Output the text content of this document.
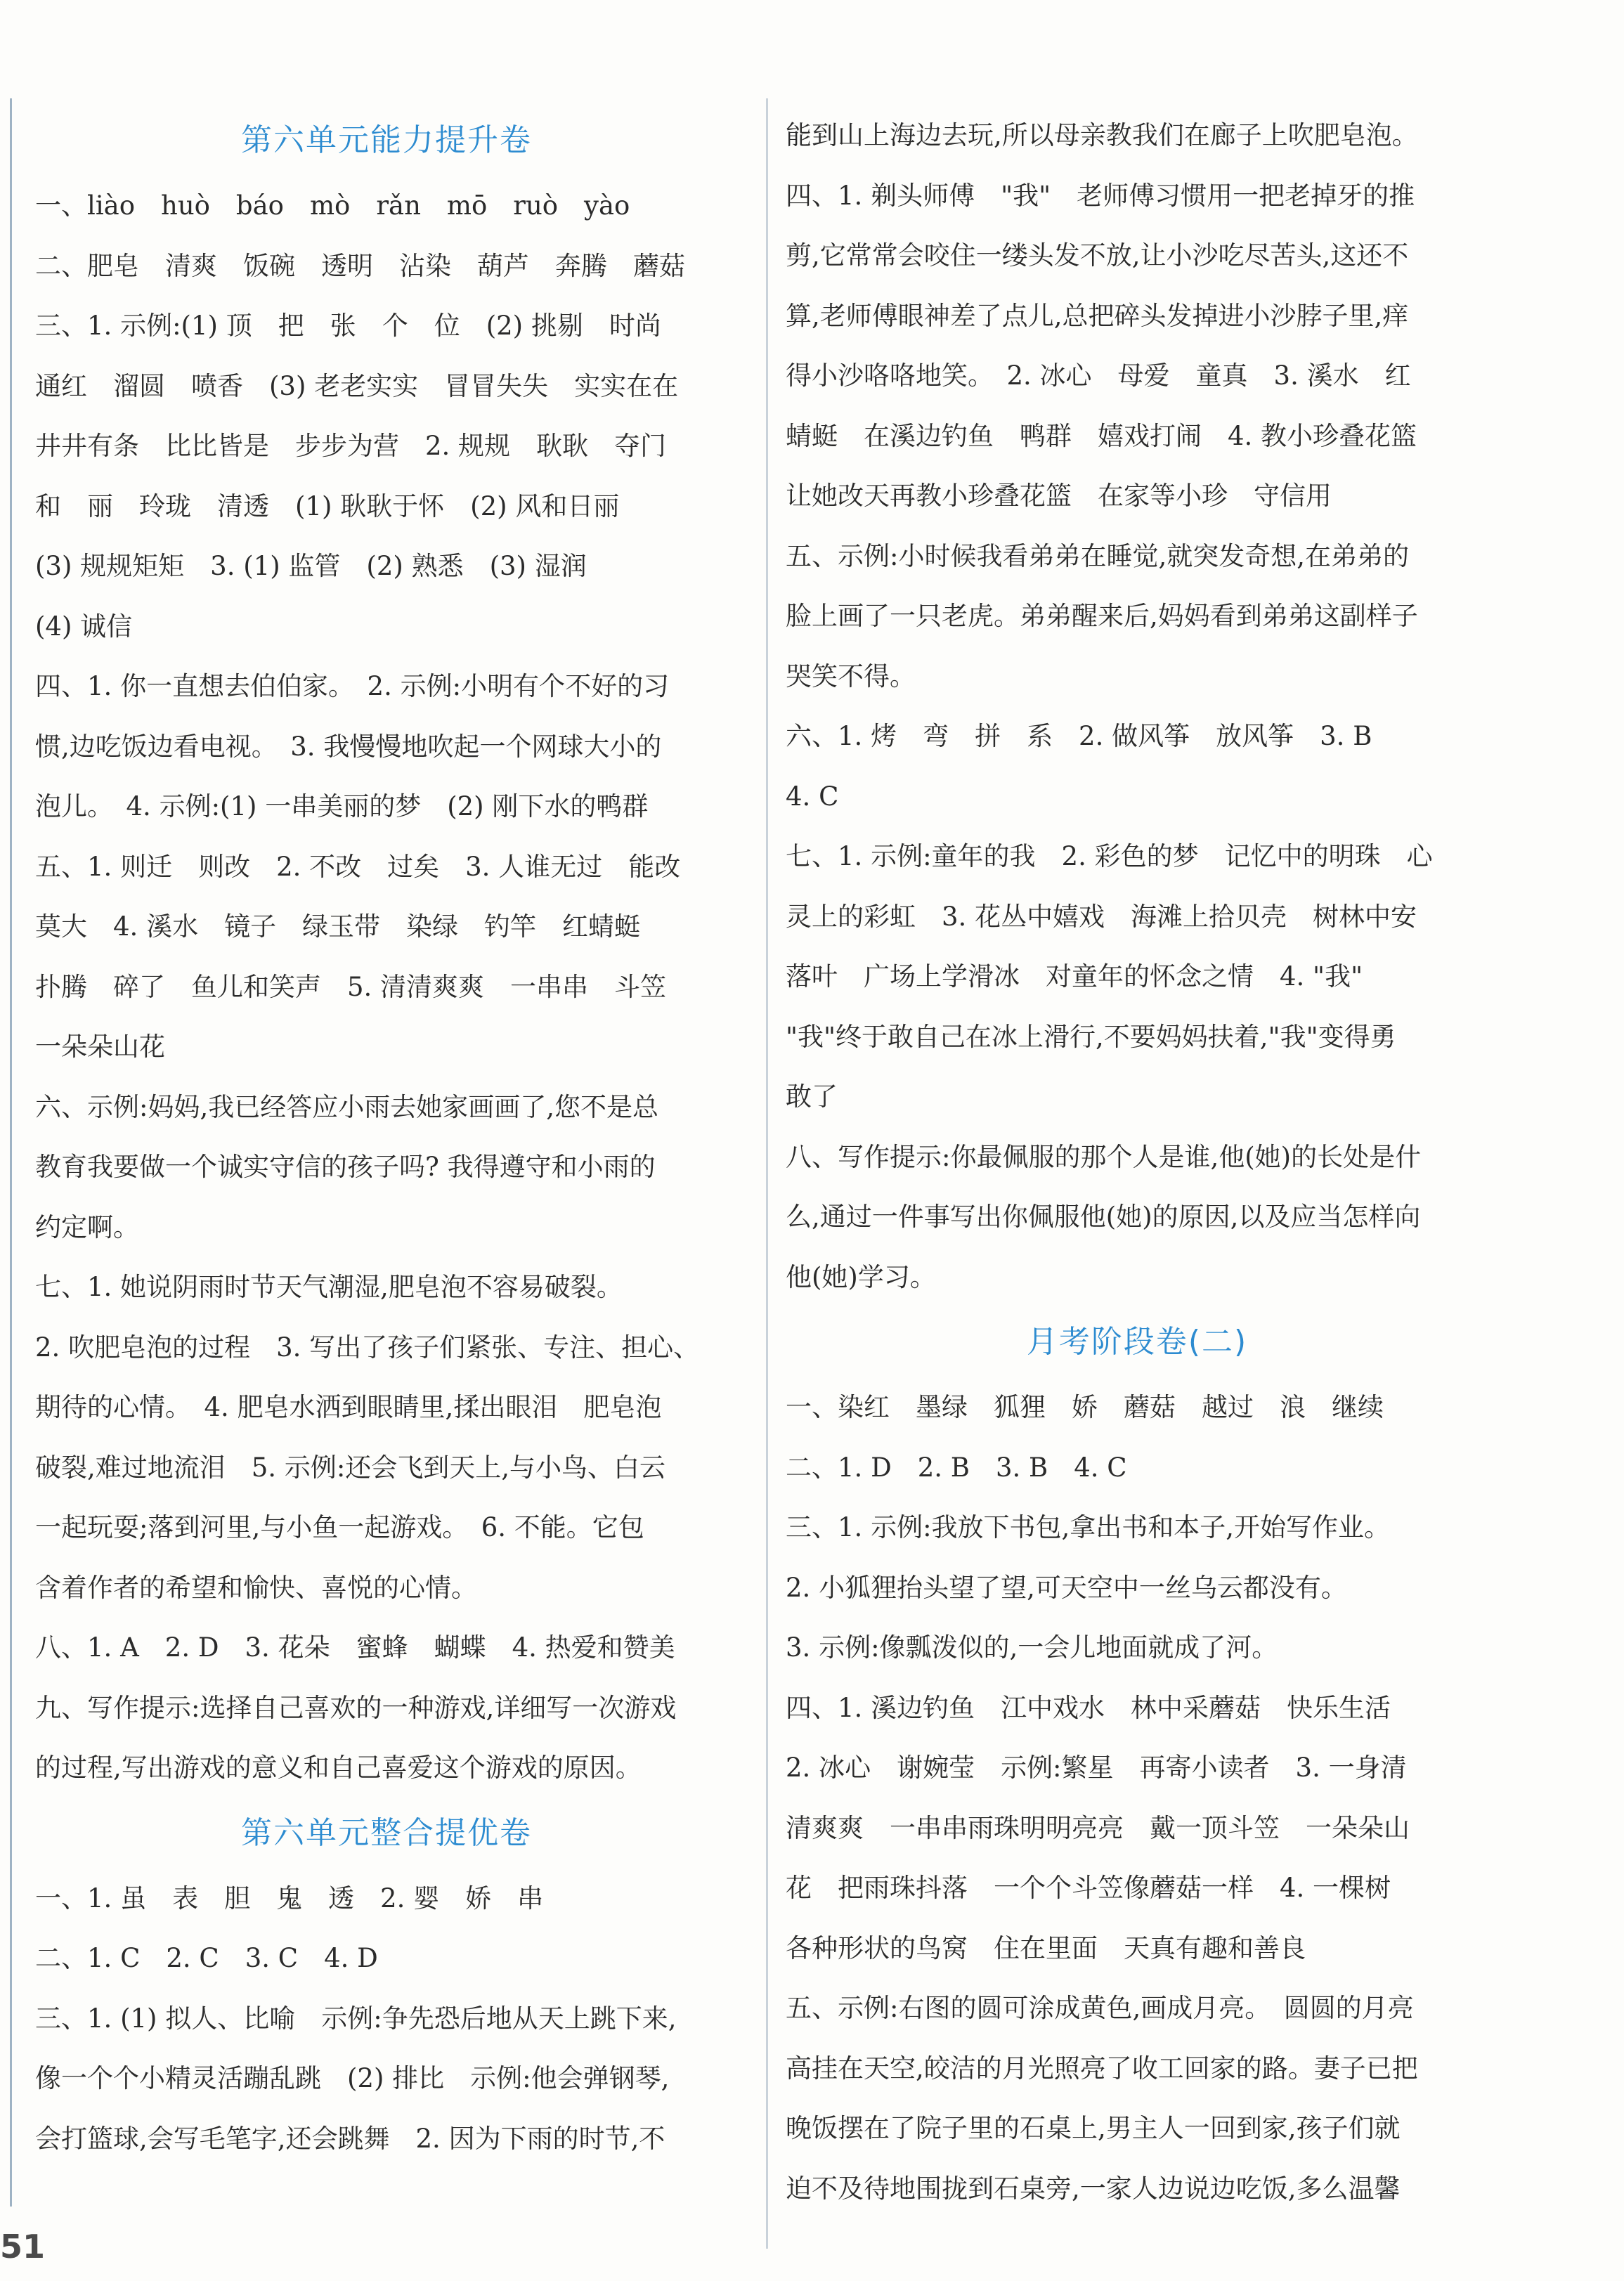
第六单元能力提升卷
一、liào　huò　báo　mò　rǎn　mō　ruò　yào
二、肥皂　清爽　饭碗　透明　沾染　葫芦　奔腾　蘑菇
三、1. 示例:(1) 顶　把　张　个　位　(2) 挑剔　时尚
通红　溜圆　喷香　(3) 老老实实　冒冒失失　实实在在
井井有条　比比皆是　步步为营　2. 规规　耿耿　夺门
和　丽　玲珑　清透　(1) 耿耿于怀　(2) 风和日丽
(3) 规规矩矩　3. (1) 监管　(2) 熟悉　(3) 湿润
(4) 诚信
四、1. 你一直想去伯伯家。　2. 示例:小明有个不好的习
惯,边吃饭边看电视。　3. 我慢慢地吹起一个网球大小的
泡儿。　4. 示例:(1) 一串美丽的梦　(2) 刚下水的鸭群
五、1. 则迁　则改　2. 不改　过矣　3. 人谁无过　能改
莫大　4. 溪水　镜子　绿玉带　染绿　钓竿　红蜻蜓
扑腾　碎了　鱼儿和笑声　5. 清清爽爽　一串串　斗笠
一朵朵山花
六、示例:妈妈,我已经答应小雨去她家画画了,您不是总
教育我要做一个诚实守信的孩子吗? 我得遵守和小雨的
约定啊。
七、1. 她说阴雨时节天气潮湿,肥皂泡不容易破裂。
2. 吹肥皂泡的过程　3. 写出了孩子们紧张、专注、担心、
期待的心情。　4. 肥皂水洒到眼睛里,揉出眼泪　肥皂泡
破裂,难过地流泪　5. 示例:还会飞到天上,与小鸟、白云
一起玩耍;落到河里,与小鱼一起游戏。　6. 不能。它包
含着作者的希望和愉快、喜悦的心情。
八、1. A　2. D　3. 花朵　蜜蜂　蝴蝶　4. 热爱和赞美
九、写作提示:选择自己喜欢的一种游戏,详细写一次游戏
的过程,写出游戏的意义和自己喜爱这个游戏的原因。
第六单元整合提优卷
一、1. 虽　表　胆　鬼　透　2. 婴　娇　串
二、1. C　2. C　3. C　4. D
三、1. (1) 拟人、比喻　示例:争先恐后地从天上跳下来,
像一个个小精灵活蹦乱跳　(2) 排比　示例:他会弹钢琴,
会打篮球,会写毛笔字,还会跳舞　2. 因为下雨的时节,不
能到山上海边去玩,所以母亲教我们在廊子上吹肥皂泡。
四、1. 剃头师傅　"我"　老师傅习惯用一把老掉牙的推
剪,它常常会咬住一缕头发不放,让小沙吃尽苦头,这还不
算,老师傅眼神差了点儿,总把碎头发掉进小沙脖子里,痒
得小沙咯咯地笑。　2. 冰心　母爱　童真　3. 溪水　红
蜻蜓　在溪边钓鱼　鸭群　嬉戏打闹　4. 教小珍叠花篮
让她改天再教小珍叠花篮　在家等小珍　守信用
五、示例:小时候我看弟弟在睡觉,就突发奇想,在弟弟的
脸上画了一只老虎。弟弟醒来后,妈妈看到弟弟这副样子
哭笑不得。
六、1. 烤　弯　拼　系　2. 做风筝　放风筝　3. B
4. C
七、1. 示例:童年的我　2. 彩色的梦　记忆中的明珠　心
灵上的彩虹　3. 花丛中嬉戏　海滩上拾贝壳　树林中安
落叶　广场上学滑冰　对童年的怀念之情　4. "我"
"我"终于敢自己在冰上滑行,不要妈妈扶着,"我"变得勇
敢了
八、写作提示:你最佩服的那个人是谁,他(她)的长处是什
么,通过一件事写出你佩服他(她)的原因,以及应当怎样向
他(她)学习。
月考阶段卷(二)
一、染红　墨绿　狐狸　娇　蘑菇　越过　浪　继续
二、1. D　2. B　3. B　4. C
三、1. 示例:我放下书包,拿出书和本子,开始写作业。
2. 小狐狸抬头望了望,可天空中一丝乌云都没有。
3. 示例:像瓢泼似的,一会儿地面就成了河。
四、1. 溪边钓鱼　江中戏水　林中采蘑菇　快乐生活
2. 冰心　谢婉莹　示例:繁星　再寄小读者　3. 一身清
清爽爽　一串串雨珠明明亮亮　戴一顶斗笠　一朵朵山
花　把雨珠抖落　一个个斗笠像蘑菇一样　4. 一棵树
各种形状的鸟窝　住在里面　天真有趣和善良
五、示例:右图的圆可涂成黄色,画成月亮。　圆圆的月亮
高挂在天空,皎洁的月光照亮了收工回家的路。妻子已把
晚饭摆在了院子里的石桌上,男主人一回到家,孩子们就
迫不及待地围拢到石桌旁,一家人边说边吃饭,多么温馨
51
